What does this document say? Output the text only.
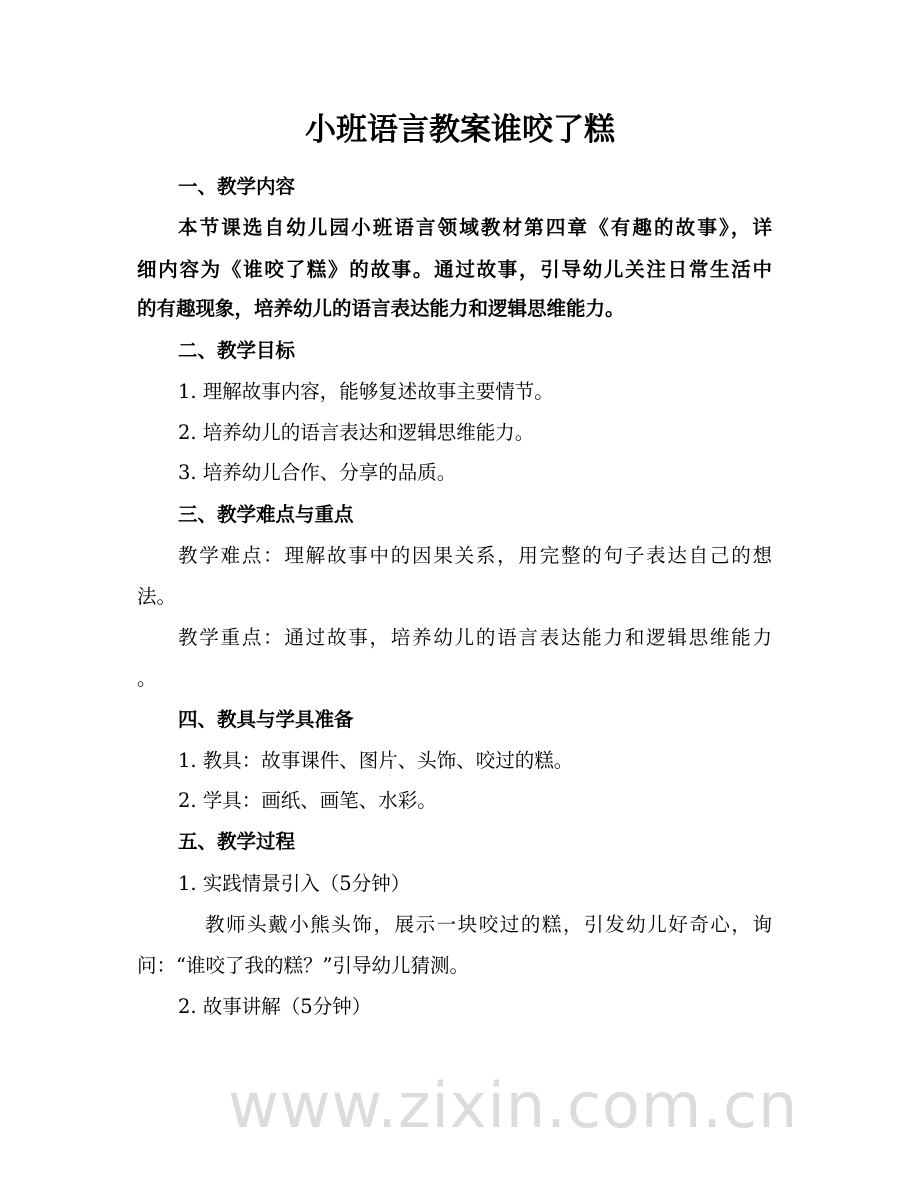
小班语言教案谁咬了糕
一、教学内容
本节课选自幼儿园小班语言领域教材第四章《有趣的故事》，详
细内容为《谁咬了糕》的故事。通过故事，引导幼儿关注日常生活中
的有趣现象，培养幼儿的语言表达能力和逻辑思维能力。
二、教学目标
1. 理解故事内容，能够复述故事主要情节。
2. 培养幼儿的语言表达和逻辑思维能力。
3. 培养幼儿合作、分享的品质。
三、教学难点与重点
教学难点：理解故事中的因果关系，用完整的句子表达自己的想
法。
教学重点：通过故事，培养幼儿的语言表达能力和逻辑思维能力
。
四、教具与学具准备
1. 教具：故事课件、图片、头饰、咬过的糕。
2. 学具：画纸、画笔、水彩。
五、教学过程
1. 实践情景引入（5分钟）
教师头戴小熊头饰，展示一块咬过的糕，引发幼儿好奇心，询
问：“谁咬了我的糕？”引导幼儿猜测。
2. 故事讲解（5分钟）
www.zixin.com.cn
